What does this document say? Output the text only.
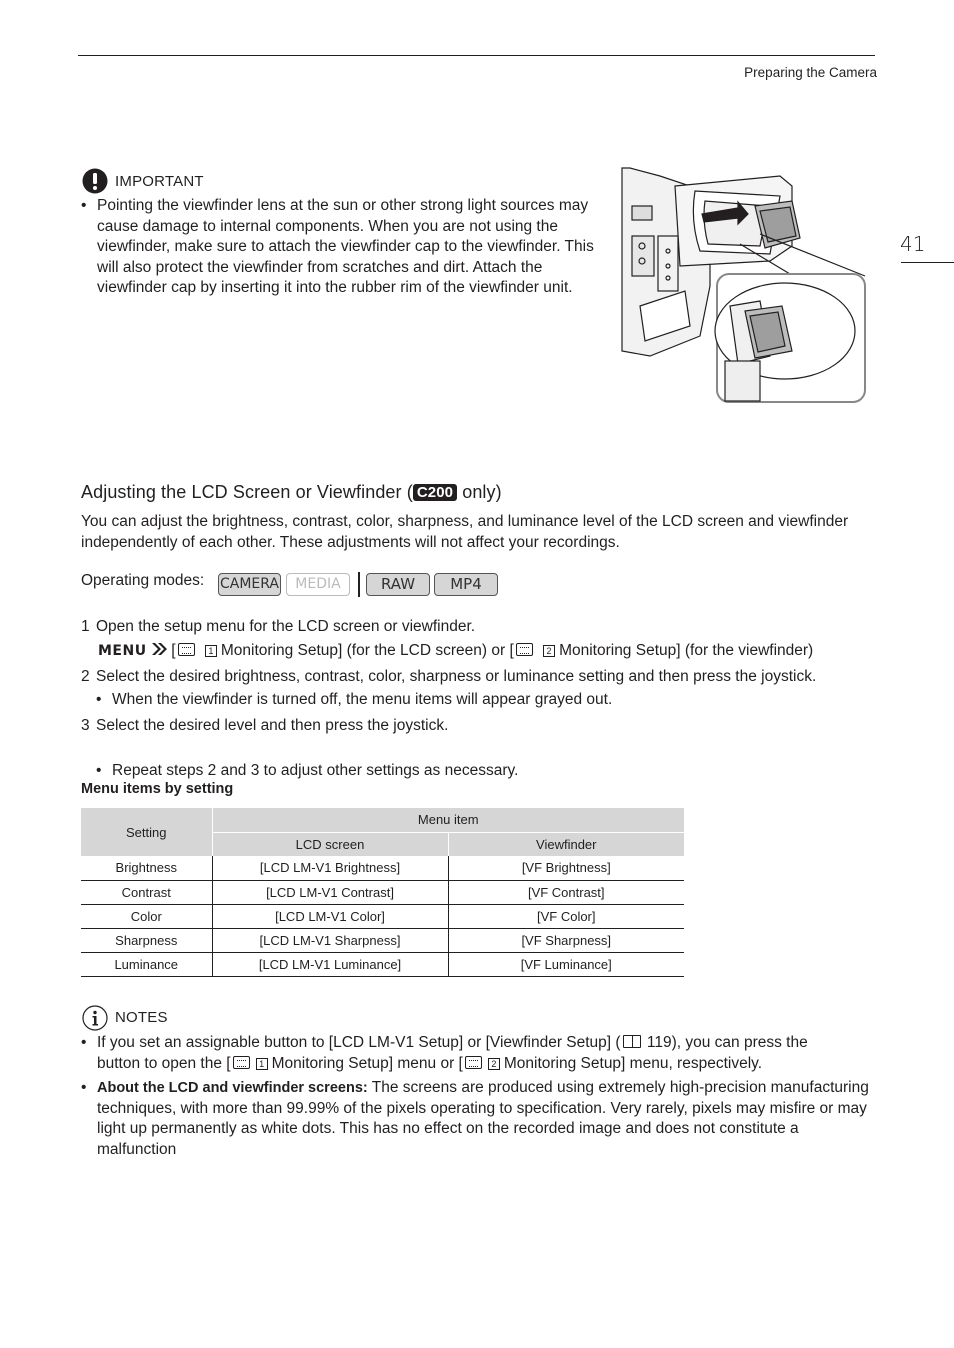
Preparing the Camera
41
IMPORTANT
• Pointing the viewfinder lens at the sun or other strong light sources may cause damage to internal components. When you are not using the viewfinder, make sure to attach the viewfinder cap to the viewfinder. This will also protect the viewfinder from scratches and dirt. Attach the viewfinder cap by inserting it into the rubber rim of the viewfinder unit.
Adjusting the LCD Screen or Viewfinder ( C200 only)
You can adjust the brightness, contrast, color, sharpness, and luminance level of the LCD screen and viewfinder
independently of each other. These adjustments will not affect your recordings.
Operating modes: CAMERA	MEDIA	RAW	MP4
1 Open the setup menu for the LCD screen or viewfinder.
MENU  [	1 Monitoring Setup] (for the LCD screen) or [	2 Monitoring Setup] (for the viewfinder)
2 Select the desired brightness, contrast, color, sharpness or luminance setting and then press the joystick.
• When the viewfinder is turned off, the menu items will appear grayed out.
3 Select the desired level and then press the joystick.
• Repeat steps 2 and 3 to adjust other settings as necessary.
Menu items by setting
Setting	Menu item	
	LCD screen	Viewfinder
Brightness	[LCD LM-V1 Brightness]	[VF Brightness]
Contrast	[LCD LM-V1 Contrast]	[VF Contrast]
Color	[LCD LM-V1 Color]	[VF Color]
Sharpness	[LCD LM-V1 Sharpness]	[VF Sharpness]
Luminance	[LCD LM-V1 Luminance]	[VF Luminance]
NOTES
• If you set an assignable button to [LCD LM-V1 Setup] or [Viewfinder Setup] ( 119), you can press the
button to open the [	1 Monitoring Setup] menu or [	2 Monitoring Setup] menu, respectively.
• About the LCD and viewfinder screens: The screens are produced using extremely high-precision manufacturing
techniques, with more than 99.99% of the pixels operating to specification. Very rarely, pixels may misfire or may light up permanently as white dots. This has no effect on the recorded image and does not constitute a malfunction
